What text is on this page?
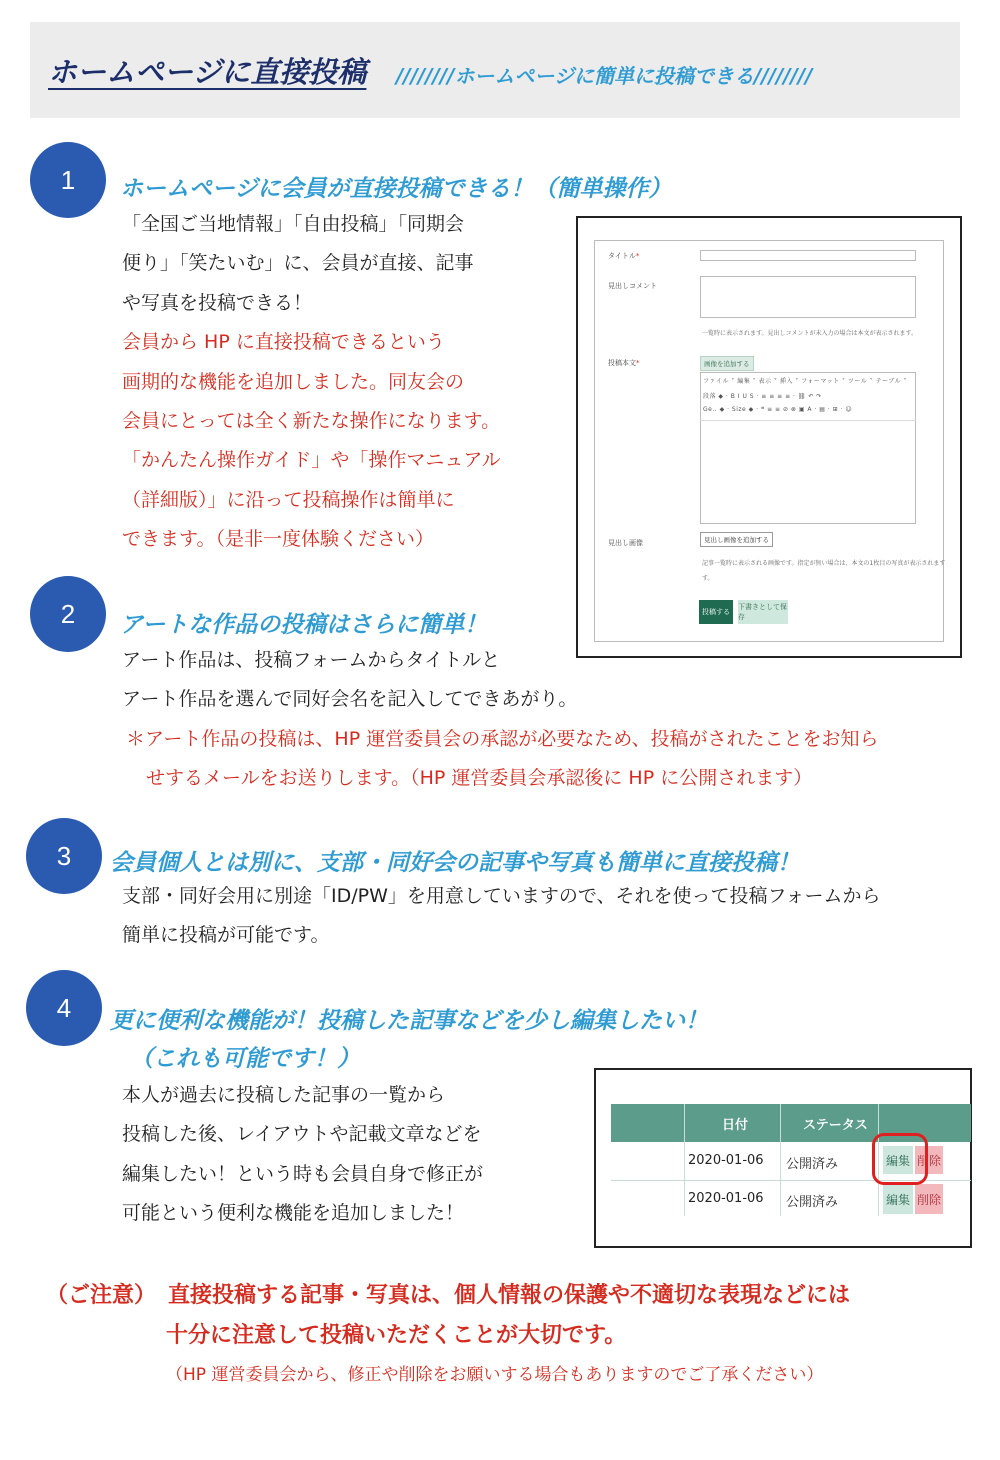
ホームページに直接投稿 ////////ホームページに簡単に投稿できる////////
1	ホームページに会員が直接投稿できる！（簡単操作）
「全国ご当地情報」「自由投稿」「同期会
便り」「笑たいむ」に、会員が直接、記事
や写真を投稿できる！
会員から HP に直接投稿できるという
画期的な機能を追加しました。同友会の
会員にとっては全く新たな操作になります。
「かんたん操作ガイド」や「操作マニュアル
（詳細版）」に沿って投稿操作は簡単に
できます。（是非一度体験ください）
タイトル*
見出しコメント
一覧時に表示されます。見出しコメントが未入力の場合は本文が表示されます。
投稿本文*	画像を追加する
ファイル ˅ 編集 ˅ 表示 ˅ 挿入 ˅ フォーマット ˅ ツール ˅ テーブル ˅
段落 ◆ · B I U S · ≡ ≡ ≡ ≡ · ⛓ ↶ ↷
Ge.. ◆ · Size ◆ · ❝ ≡ ≡ ⊘ ⊗ ▣ A · ▤ · ⊞ · ☺
見出し画像	見出し画像を追加する
記事一覧時に表示される画像です。指定が無い場合は、本文の1枚目の写真が表示されます
す。
投稿する
下書きとして保存
2	アートな作品の投稿はさらに簡単！
アート作品は、投稿フォームからタイトルと
アート作品を選んで同好会名を記入してできあがり。
＊アート作品の投稿は、HP 運営委員会の承認が必要なため、投稿がされたことをお知ら
せするメールをお送りします。（HP 運営委員会承認後に HP に公開されます）
3	会員個人とは別に、支部・同好会の記事や写真も簡単に直接投稿！
支部・同好会用に別途「ID/PW」を用意していますので、それを使って投稿フォームから
簡単に投稿が可能です。
4	更に便利な機能が！投稿した記事などを少し編集したい！
（これも可能です！）
本人が過去に投稿した記事の一覧から
投稿した後、レイアウトや記載文章などを
編集したい！という時も会員自身で修正が
可能という便利な機能を追加しました！
日付	ステータス
2020-01-06 公開済み	編集 削除
2020-01-06 公開済み	編集 削除
（ご注意） 直接投稿する記事・写真は、個人情報の保護や不適切な表現などには
十分に注意して投稿いただくことが大切です。
（HP 運営委員会から、修正や削除をお願いする場合もありますのでご了承ください）
